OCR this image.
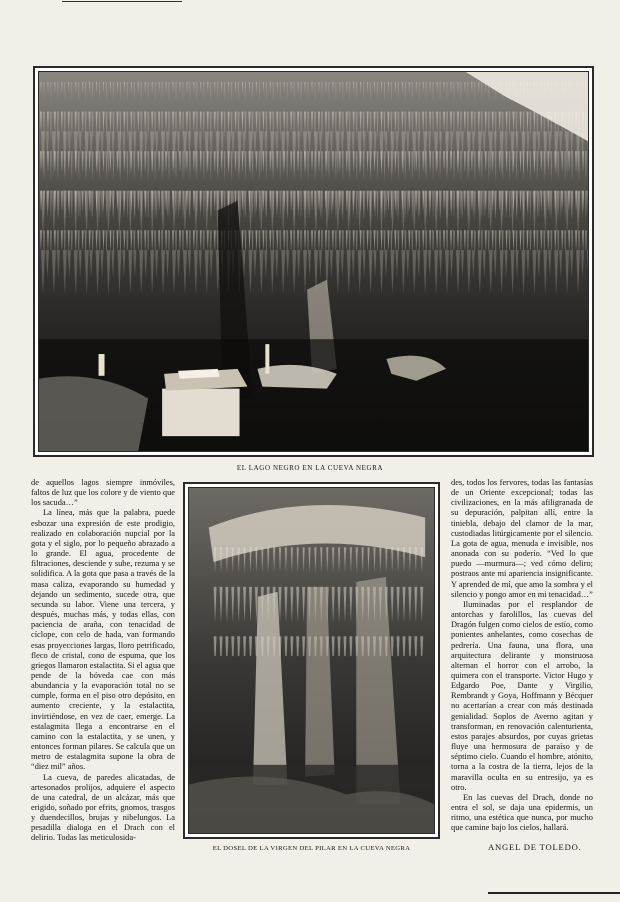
EL LAGO NEGRO EN LA CUEVA NEGRA
EL DOSEL DE LA VIRGEN DEL PILAR EN LA CUEVA NEGRA

de aquellos lagos siempre inmóviles, faltos de luz que los colore y de viento que los sacuda…”

La línea, más que la palabra, puede esbozar una expresión de este prodigio, realizado en colaboración nupcial por la gota y el siglo, por lo pequeño abrazado a lo grande. El agua, procedente de filtraciones, desciende y sube, rezuma y se solidifica. A la gota que pasa a través de la masa caliza, evaporando su humedad y dejando un sedimento, sucede otra, que secunda su labor. Viene una tercera, y después, muchas más, y todas ellas, con paciencia de araña, con tenacidad de cíclope, con celo de hada, van formando esas proyecciones largas, lloro petrificado, fleco de cristal, cono de espuma, que los griegos llamaron estalactita. Si el agua que pende de la bóveda cae con más abundancia y la evaporación total no se cumple, forma en el piso otro depósito, en aumento creciente, y la estalactita, invirtiéndose, en vez de caer, emerge. La estalagmita llega a encontrarse en el camino con la estalactita, y se unen, y entonces forman pilares. Se calcula que un metro de estalagmita supone la obra de “diez mil” años.

La cueva, de paredes alicatadas, de artesonados prolijos, adquiere el aspecto de una catedral, de un alcázar, más que erigido, soñado por efrits, gnomos, trasgos y duendecillos, brujas y nibelungos. La pesadilla dialoga en el Drach con el delirio. Todas las meticulosida-

des, todos los fervores, todas las fantasías de un Oriente excepcional; todas las civilizaciones, en la más afiligranada de su depuración, palpitan allí, entre la tiniebla, debajo del clamor de la mar, custodiadas litúrgicamente por el silencio. La gota de agua, menuda e invisible, nos anonada con su poderío. “Ved lo que puedo —murmura—; ved cómo deliro; postraos ante mi apariencia insignificante. Y aprended de mí, que amo la sombra y el silencio y pongo amor en mi tenacidad…”

Iluminadas por el resplandor de antorchas y farolillos, las cuevas del Dragón fulgen como cielos de estío, como ponientes anhelantes, como cosechas de pedrería. Una fauna, una flora, una arquitectura delirante y monstruosa alternan el horror con el arrobo, la quimera con el transporte. Victor Hugo y Edgardo Poe, Dante y Virgilio, Rembrandt y Goya, Hoffmann y Bécquer no acertarían a crear con más destinada genialidad. Soplos de Averno agitan y transforman, en renovación calenturienta, estos parajes absurdos, por cuyas grietas fluye una hermosura de paraíso y de séptimo cielo. Cuando el hombre, atónito, torna a la costra de la tierra, lejos de la maravilla oculta en su entresijo, ya es otro.

En las cuevas del Drach, donde no entra el sol, se daja una epidermis, un ritmo, una estética que nunca, por mucho que camine bajo los cielos, hallará.

ANGEL DE TOLEDO.
